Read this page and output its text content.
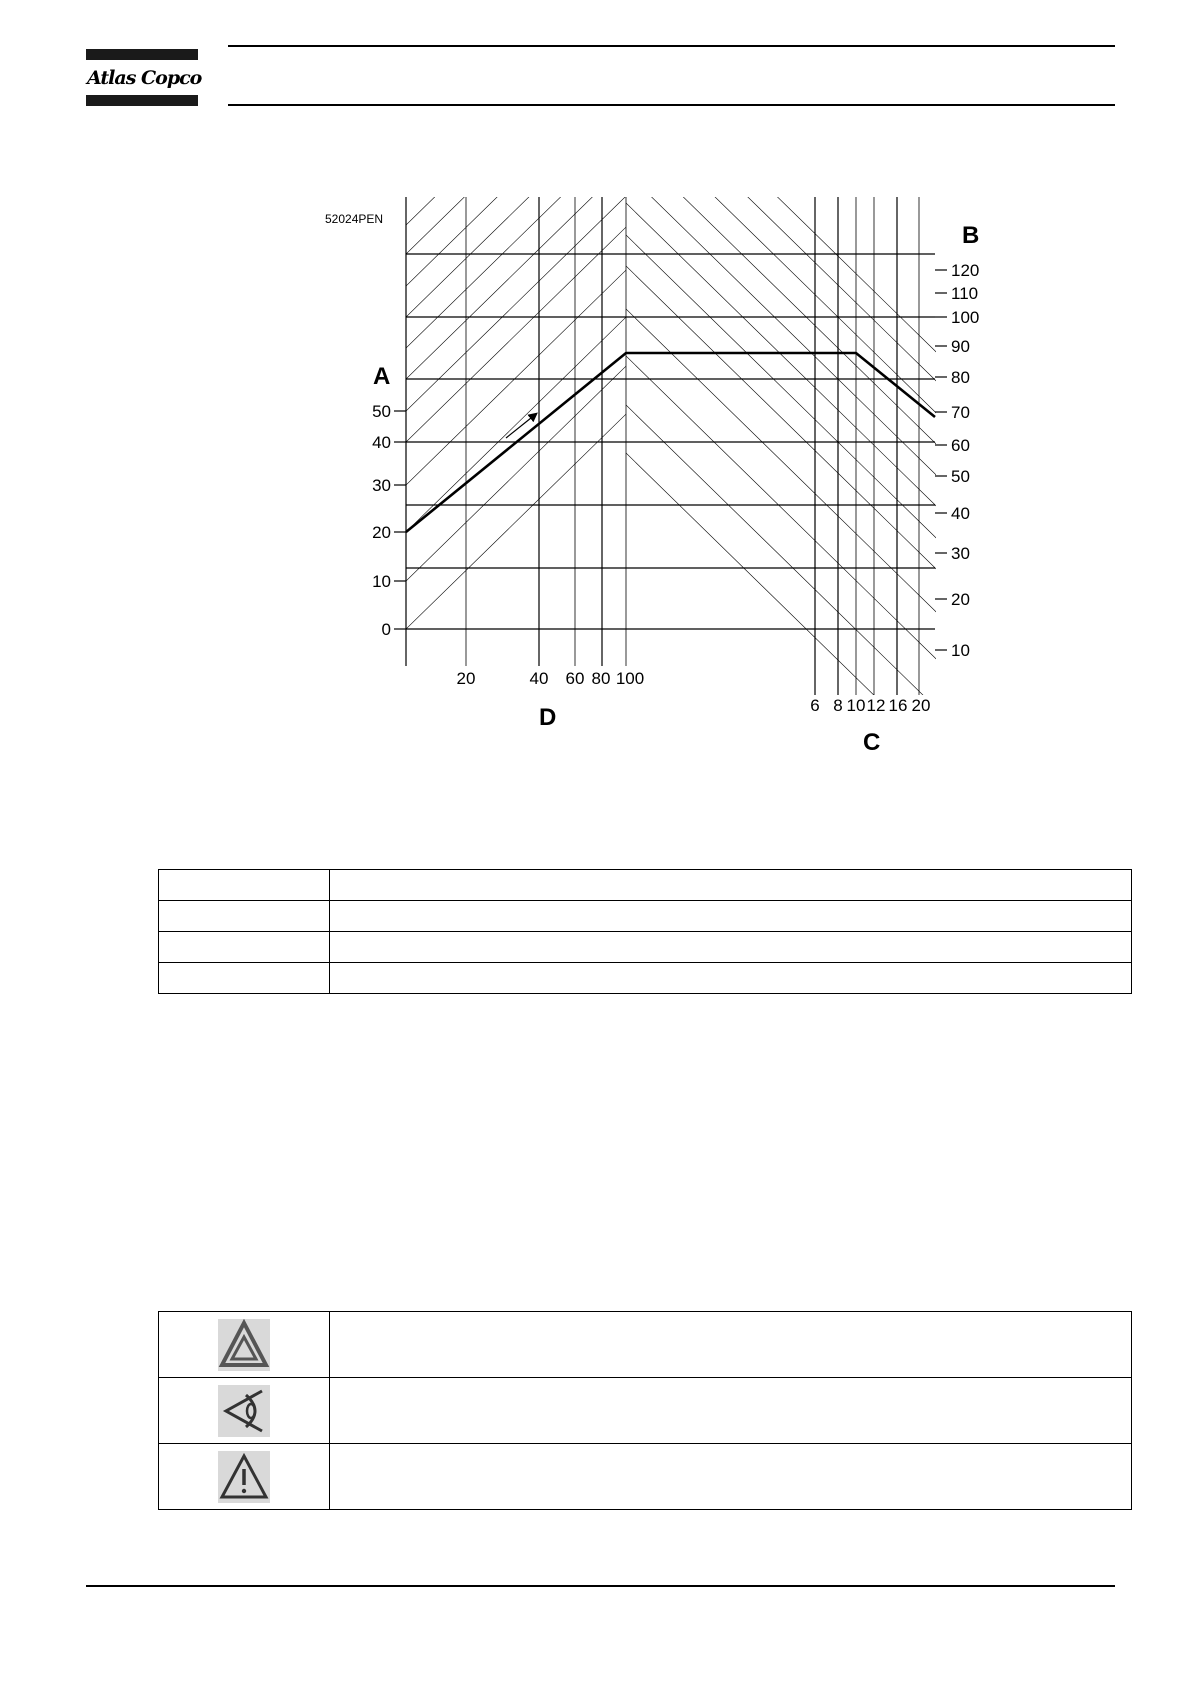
Atlas Copco
52024PEN
A
B
C
D
50
40
30
20
10
0
120
110
100
90
80
70
60
50
40
30
20
10
20	40 60 80 100
6 8 10 12 16 20
